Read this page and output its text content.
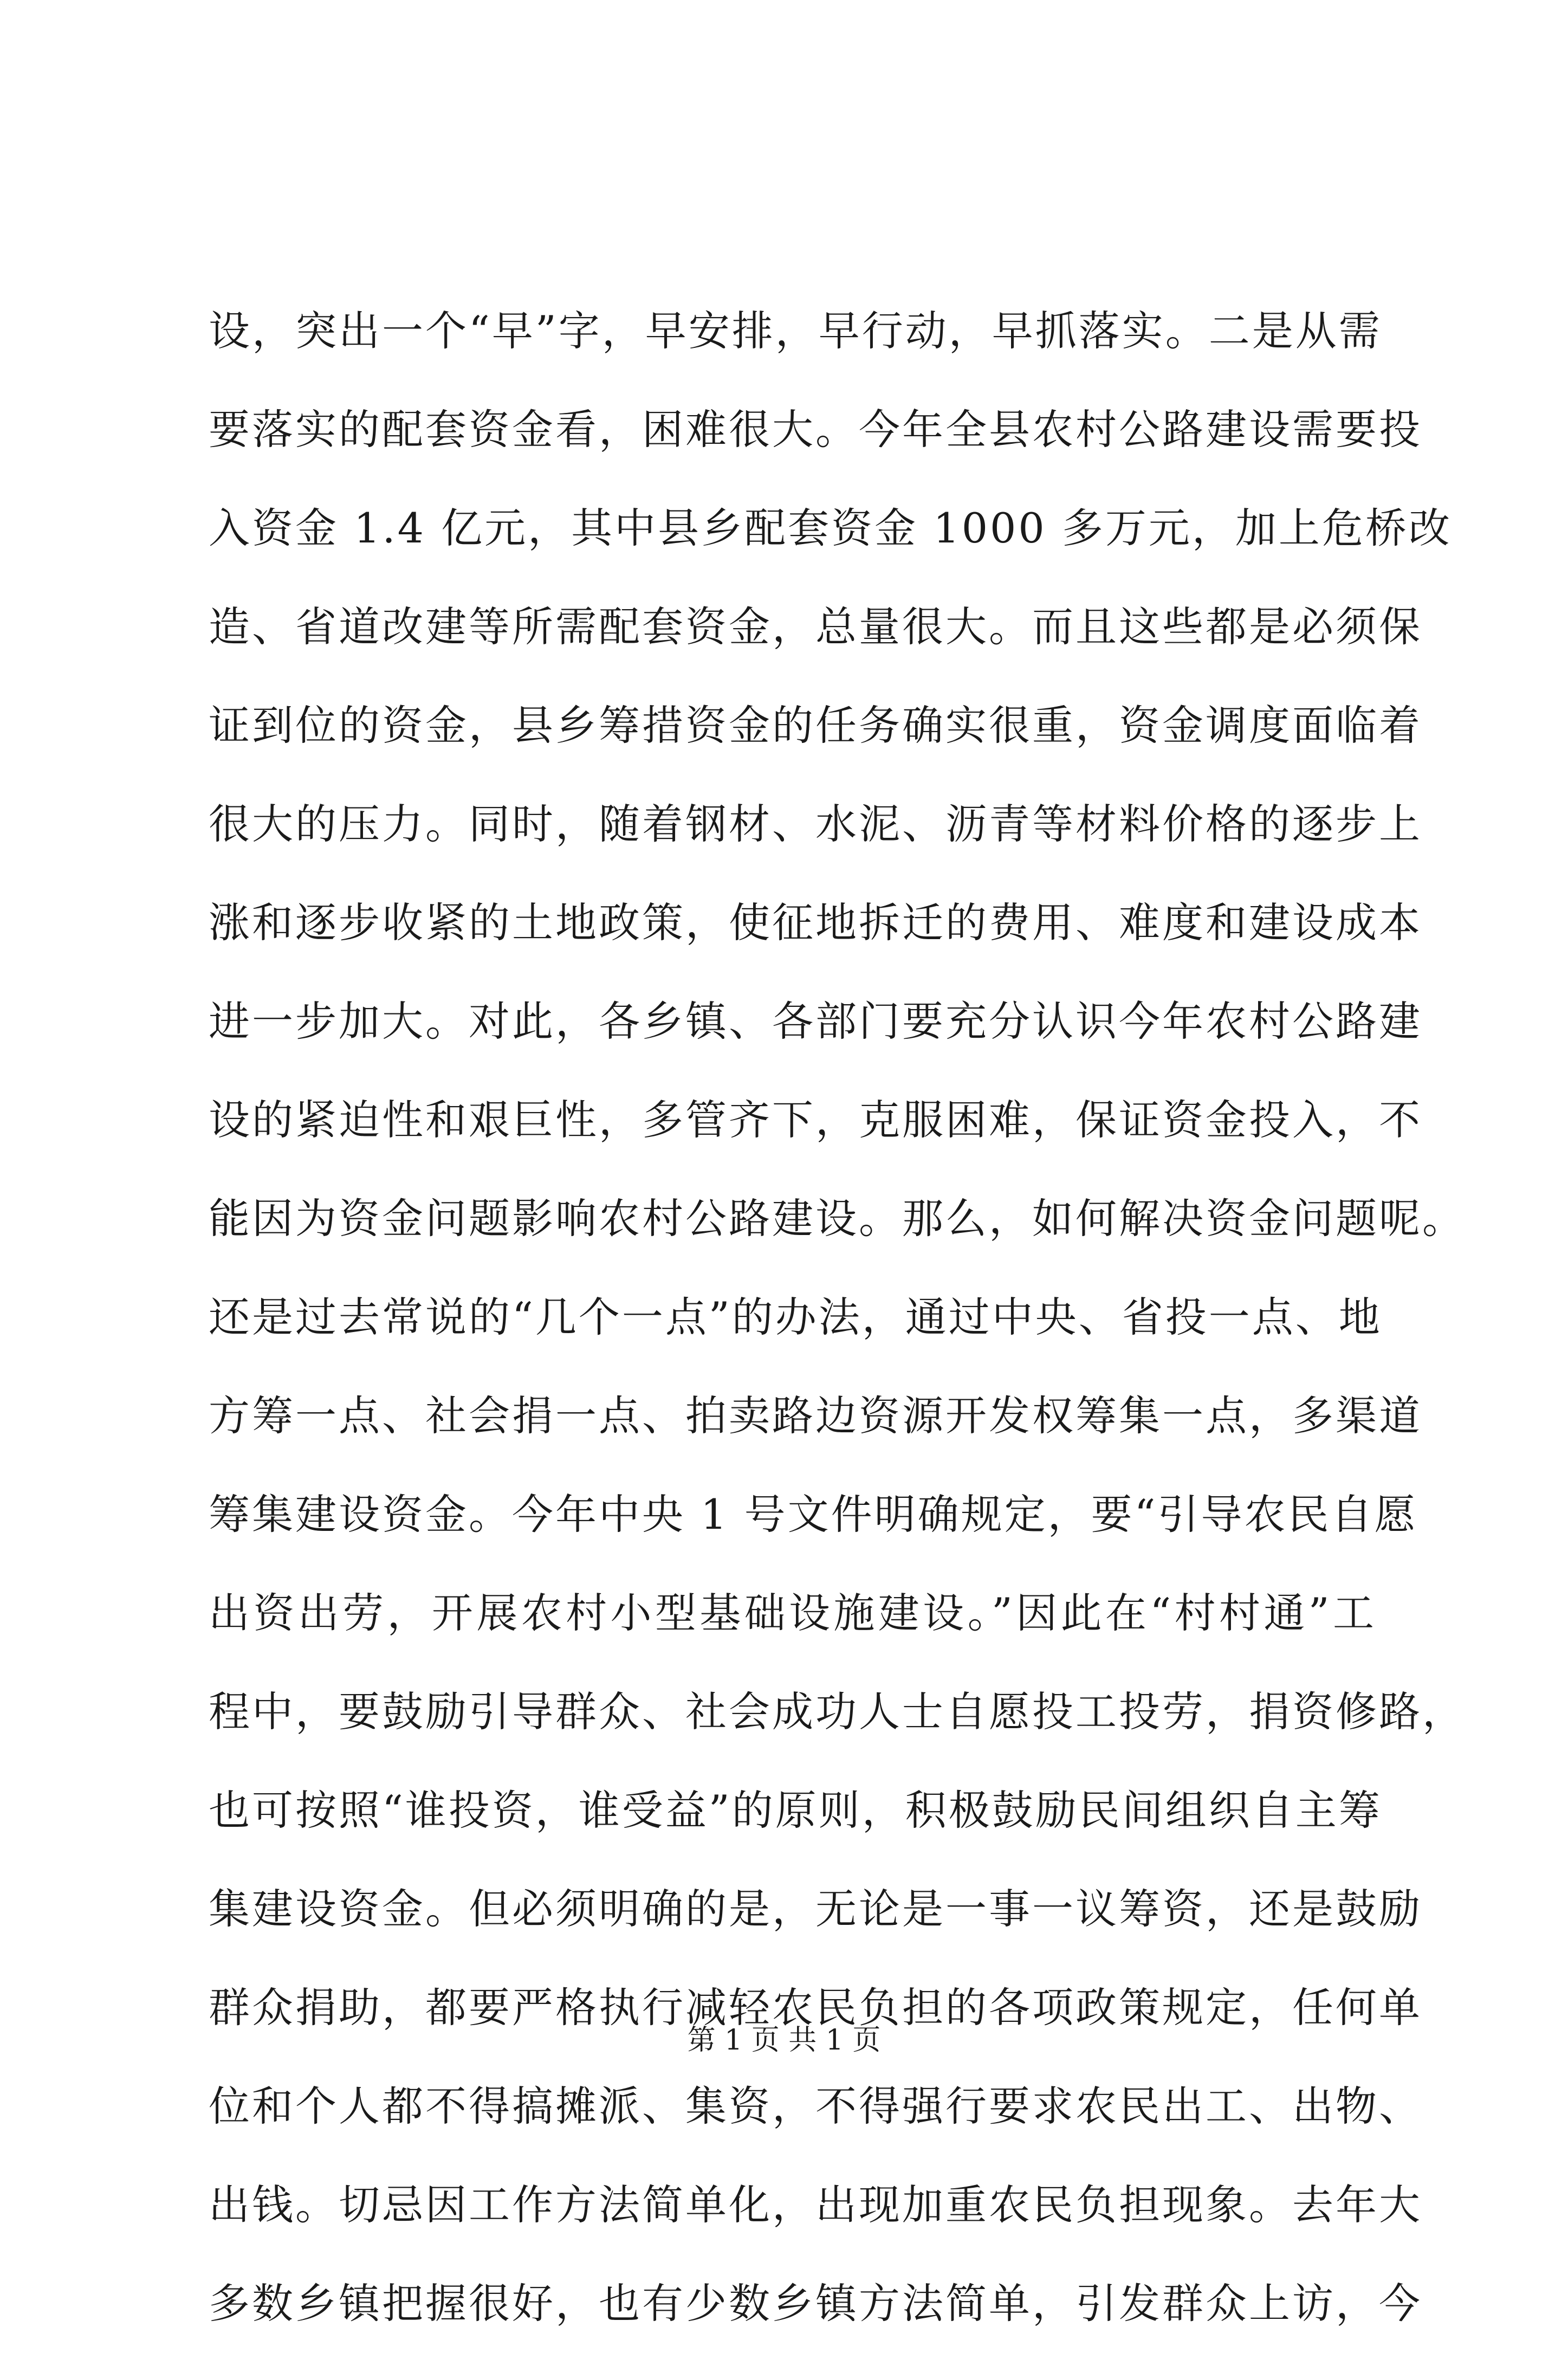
设，突出一个“早”字，早安排，早行动，早抓落实。二是从需
要落实的配套资金看，困难很大。今年全县农村公路建设需要投
入资金 1.4 亿元，其中县乡配套资金 1000 多万元，加上危桥改
造、省道改建等所需配套资金，总量很大。而且这些都是必须保
证到位的资金，县乡筹措资金的任务确实很重，资金调度面临着
很大的压力。同时，随着钢材、水泥、沥青等材料价格的逐步上
涨和逐步收紧的土地政策，使征地拆迁的费用、难度和建设成本
进一步加大。对此，各乡镇、各部门要充分认识今年农村公路建
设的紧迫性和艰巨性，多管齐下，克服困难，保证资金投入，不
能因为资金问题影响农村公路建设。那么，如何解决资金问题呢。
还是过去常说的“几个一点”的办法，通过中央、省投一点、地
方筹一点、社会捐一点、拍卖路边资源开发权筹集一点，多渠道
筹集建设资金。今年中央 1 号文件明确规定，要“引导农民自愿
出资出劳，开展农村小型基础设施建设。”因此在“村村通”工
程中，要鼓励引导群众、社会成功人士自愿投工投劳，捐资修路，
也可按照“谁投资，谁受益”的原则，积极鼓励民间组织自主筹
集建设资金。但必须明确的是，无论是一事一议筹资，还是鼓励
群众捐助，都要严格执行减轻农民负担的各项政策规定，任何单
位和个人都不得搞摊派、集资，不得强行要求农民出工、出物、
出钱。切忌因工作方法简单化，出现加重农民负担现象。去年大
多数乡镇把握很好，也有少数乡镇方法简单，引发群众上访，今
第 1 页 共 1 页
